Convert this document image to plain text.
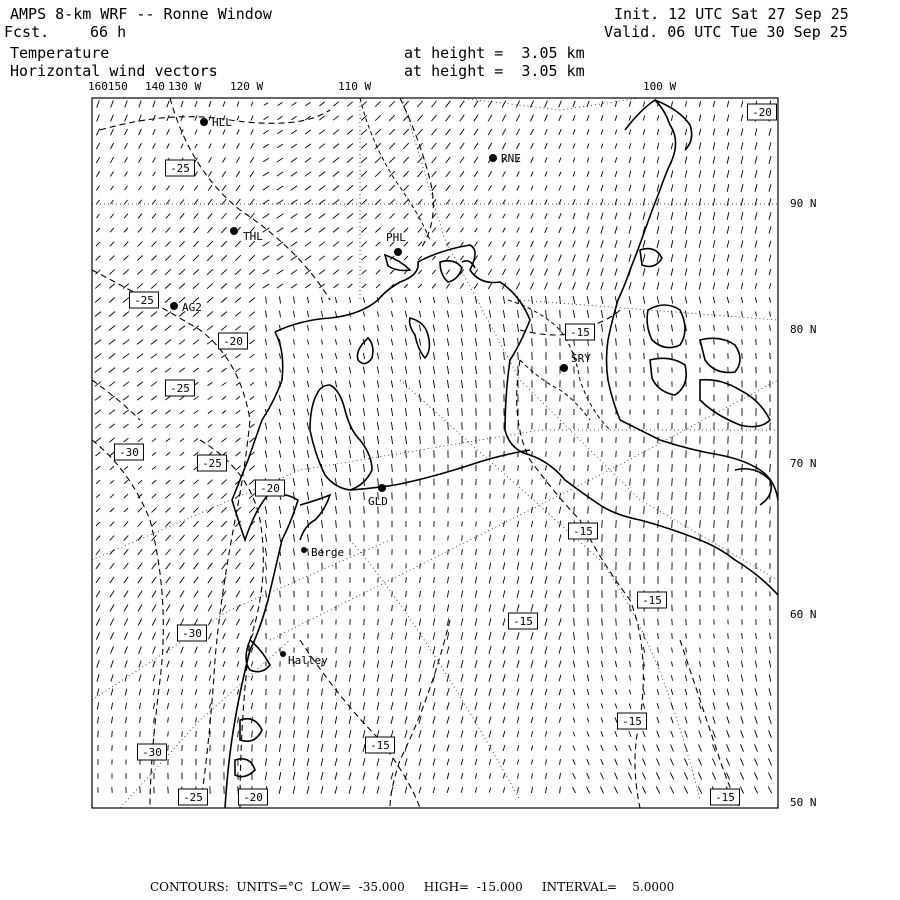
AMPS 8-km WRF -- Ronne Window
Fcst.	66 h
Init. 12 UTC Sat 27 Sep 25
Valid. 06 UTC Tue 30 Sep 25
Temperature	at height =  3.05 km
Horizontal wind vectors	at height =  3.05 km
160150 140 130 W	120 W	110 W	100 W
90 N
80 N
70 N
60 N
50 N
HLL
RNE
THL	PHL
AG2
SRY
GLD
Berge
Halley
-25
-25
-20
-25
-30
-25
-20
-15
-15
-15
-15
-30
-30
-25	-20
-15
-15
-15
-20
CONTOURS:  UNITS=°C  LOW=  -35.000     HIGH=  -15.000     INTERVAL=    5.0000
